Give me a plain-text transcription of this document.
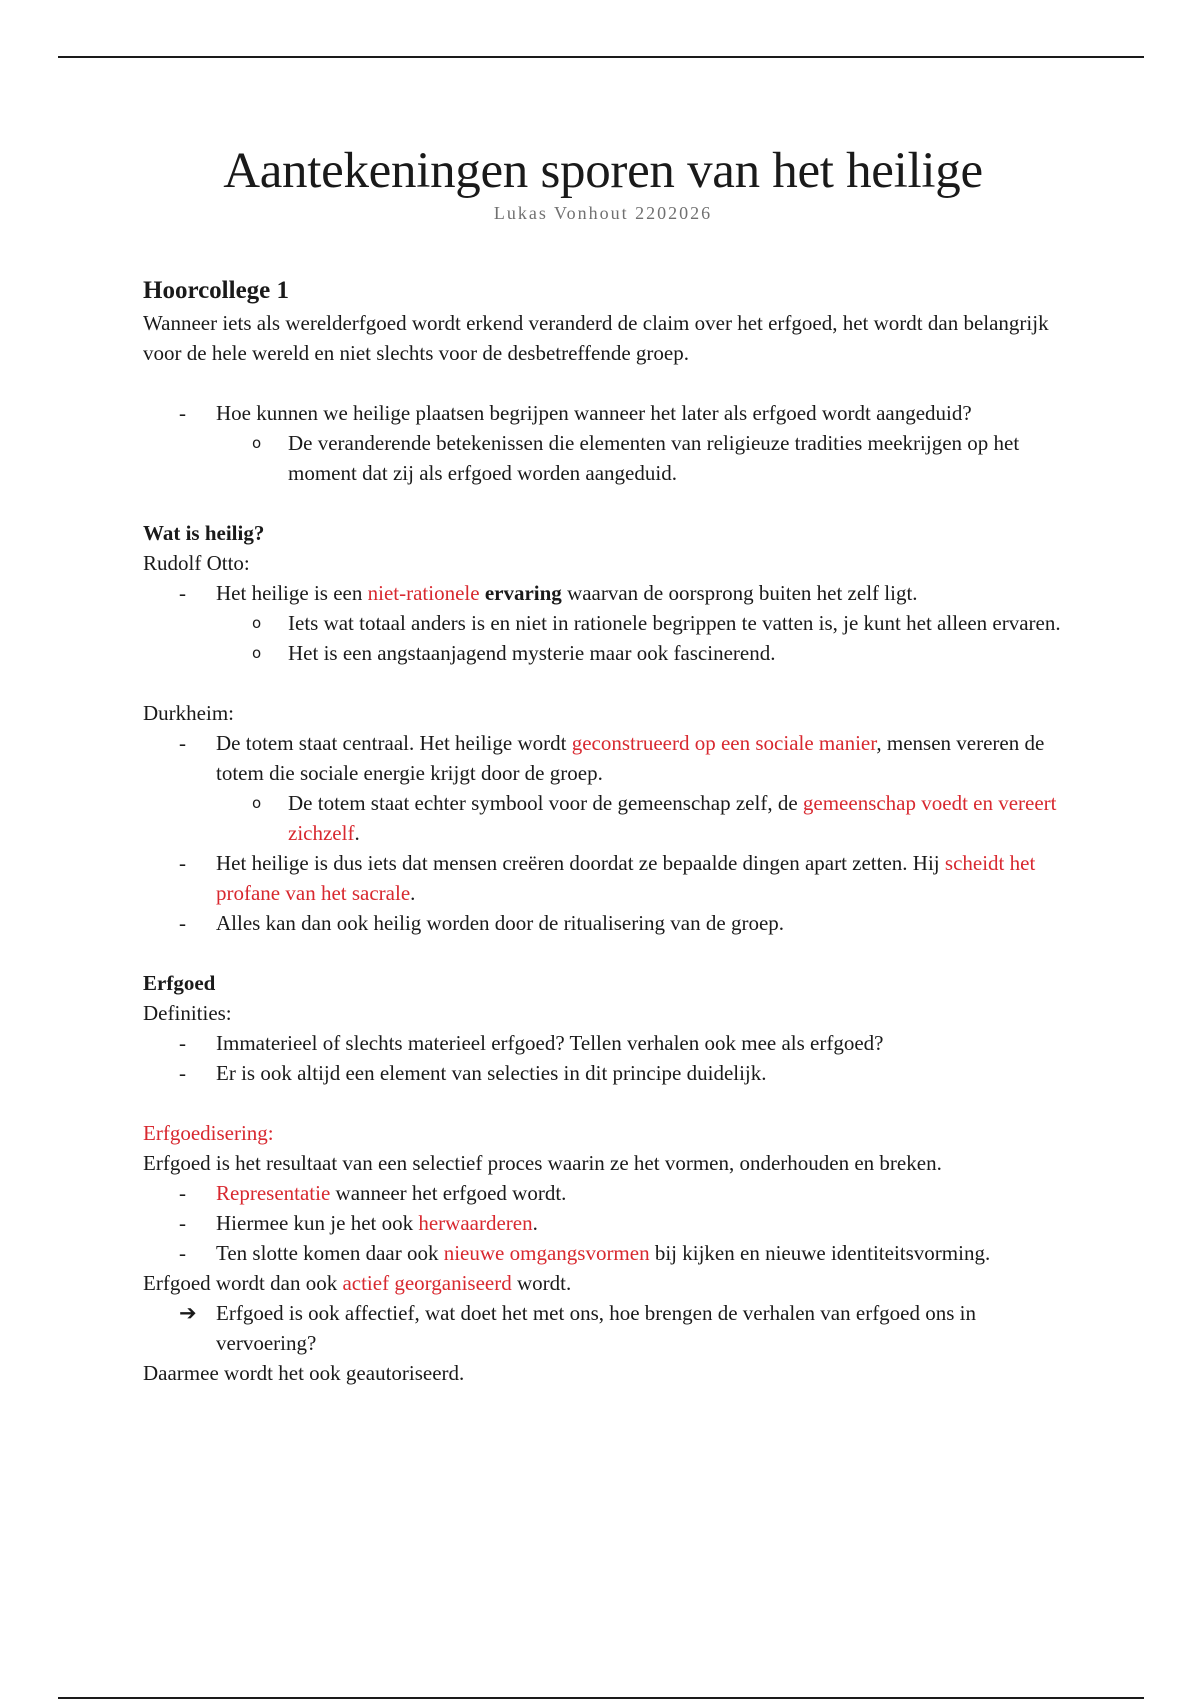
Aantekeningen sporen van het heilige
Lukas Vonhout 2202026

Hoorcollege 1

Wanneer iets als werelderfgoed wordt erkend veranderd de claim over het erfgoed, het wordt dan belangrijk voor de hele wereld en niet slechts voor de desbetreffende groep.

- Hoe kunnen we heilige plaatsen begrijpen wanneer het later als erfgoed wordt aangeduid?

o De veranderende betekenissen die elementen van religieuze tradities meekrijgen op het moment dat zij als erfgoed worden aangeduid.

Wat is heilig?

Rudolf Otto:

- Het heilige is een niet-rationele ervaring waarvan de oorsprong buiten het zelf ligt.

o Iets wat totaal anders is en niet in rationele begrippen te vatten is, je kunt het alleen ervaren.

o Het is een angstaanjagend mysterie maar ook fascinerend.

Durkheim:

- De totem staat centraal. Het heilige wordt geconstrueerd op een sociale manier, mensen vereren de totem die sociale energie krijgt door de groep.

o De totem staat echter symbool voor de gemeenschap zelf, de gemeenschap voedt en vereert zichzelf.

- Het heilige is dus iets dat mensen creëren doordat ze bepaalde dingen apart zetten. Hij scheidt het profane van het sacrale.

- Alles kan dan ook heilig worden door de ritualisering van de groep.

Erfgoed

Definities:

- Immaterieel of slechts materieel erfgoed? Tellen verhalen ook mee als erfgoed?

- Er is ook altijd een element van selecties in dit principe duidelijk.

Erfgoedisering:

Erfgoed is het resultaat van een selectief proces waarin ze het vormen, onderhouden en breken.

- Representatie wanneer het erfgoed wordt.

- Hiermee kun je het ook herwaarderen.

- Ten slotte komen daar ook nieuwe omgangsvormen bij kijken en nieuwe identiteitsvorming.

Erfgoed wordt dan ook actief georganiseerd wordt.

➔ Erfgoed is ook affectief, wat doet het met ons, hoe brengen de verhalen van erfgoed ons in vervoering?

Daarmee wordt het ook geautoriseerd.
